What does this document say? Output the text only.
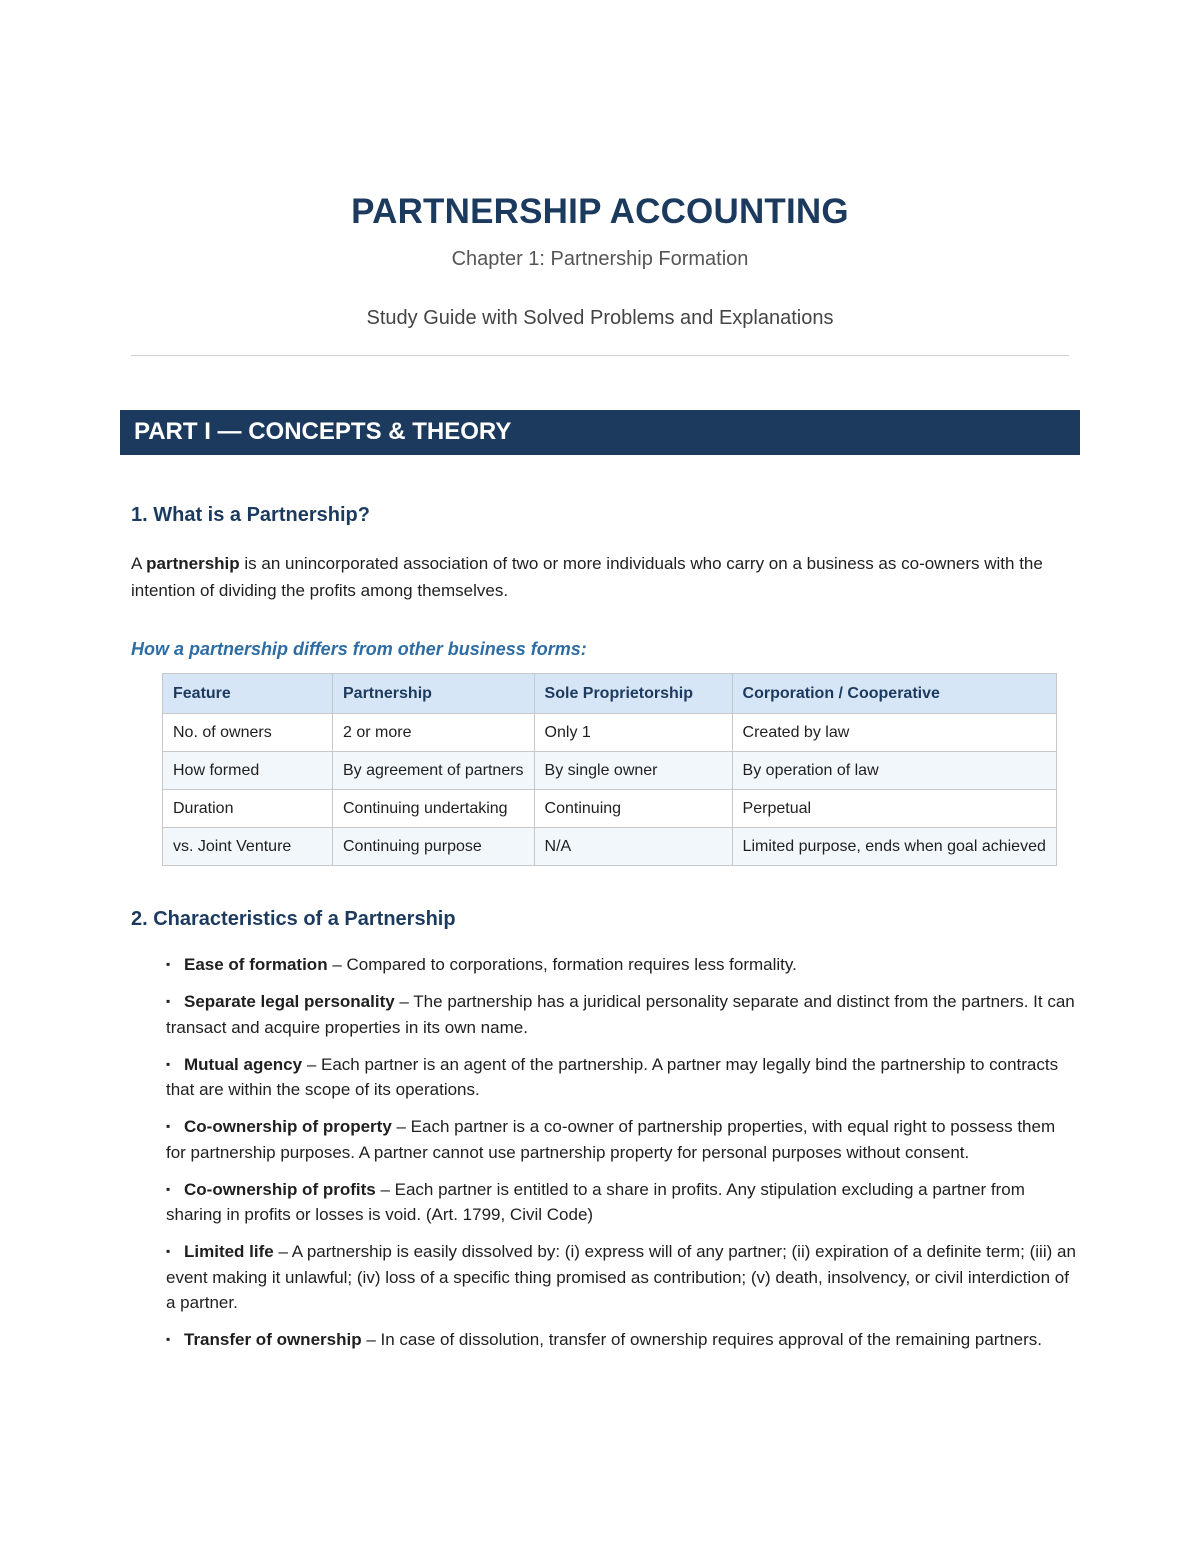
PARTNERSHIP ACCOUNTING
Chapter 1: Partnership Formation
Study Guide with Solved Problems and Explanations
PART I — CONCEPTS & THEORY
1. What is a Partnership?
A partnership is an unincorporated association of two or more individuals who carry on a business as co-owners with the intention of dividing the profits among themselves.
How a partnership differs from other business forms:
Feature	Partnership	Sole Proprietorship	Corporation / Cooperative
No. of owners	2 or more	Only 1	Created by law
How formed	By agreement of partners	By single owner	By operation of law
Duration	Continuing undertaking	Continuing	Perpetual
vs. Joint Venture	Continuing purpose	N/A	Limited purpose, ends when goal achieved
2. Characteristics of a Partnership
▪ Ease of formation – Compared to corporations, formation requires less formality.
▪ Separate legal personality – The partnership has a juridical personality separate and distinct from the partners. It can transact and acquire properties in its own name.
▪ Mutual agency – Each partner is an agent of the partnership. A partner may legally bind the partnership to contracts that are within the scope of its operations.
▪ Co-ownership of property – Each partner is a co-owner of partnership properties, with equal right to possess them for partnership purposes. A partner cannot use partnership property for personal purposes without consent.
▪ Co-ownership of profits – Each partner is entitled to a share in profits. Any stipulation excluding a partner from sharing in profits or losses is void. (Art. 1799, Civil Code)
▪ Limited life – A partnership is easily dissolved by: (i) express will of any partner; (ii) expiration of a definite term; (iii) an event making it unlawful; (iv) loss of a specific thing promised as contribution; (v) death, insolvency, or civil interdiction of a partner.
▪ Transfer of ownership – In case of dissolution, transfer of ownership requires approval of the remaining partners.
